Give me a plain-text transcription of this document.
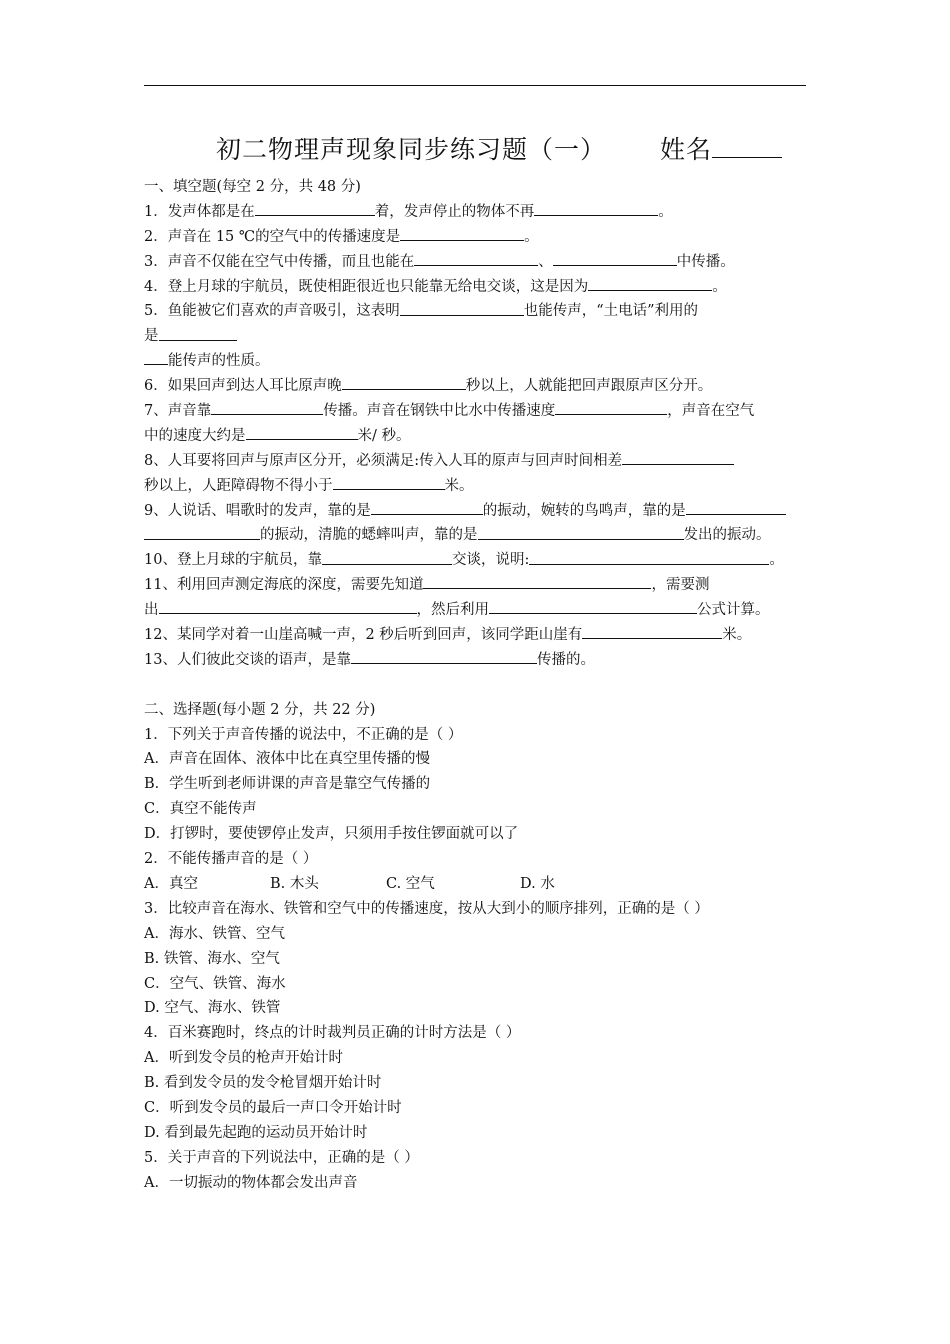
初二物理声现象同步练习题（一） 姓名
一、填空题(每空 2 分，共 48 分)
1．发声体都是在	着，发声停止的物体不再	。
2．声音在 15 ℃的空气中的传播速度是	。
3．声音不仅能在空气中传播，而且也能在	、	中传播。
4．登上月球的宇航员，既使相距很近也只能靠无给电交谈，这是因为	。
5．鱼能被它们喜欢的声音吸引，这表明	也能传声，“土电话”利用的
是
能传声的性质。
6．如果回声到达人耳比原声晚	秒以上，人就能把回声跟原声区分开。
7、声音靠	传播。声音在钢铁中比水中传播速度	，声音在空气
中的速度大约是	米/ 秒。
8、人耳要将回声与原声区分开，必须满足:传入人耳的原声与回声时间相差
秒以上，人距障碍物不得小于	米。
9、人说话、唱歌时的发声，靠的是	的振动，婉转的鸟鸣声，靠的是
的振动，清脆的蟋蟀叫声，靠的是	发出的振动。
10、登上月球的宇航员，靠	交谈，说明:	。
11、利用回声测定海底的深度，需要先知道	，需要测
出	，然后利用	公式计算。
12、某同学对着一山崖高喊一声，2 秒后听到回声，该同学距山崖有	米。
13、人们彼此交谈的语声，是靠	传播的。
二、选择题(每小题 2 分，共 22 分)
1．下列关于声音传播的说法中，不正确的是（ ）
A．声音在固体、液体中比在真空里传播的慢
B．学生听到老师讲课的声音是靠空气传播的
C．真空不能传声
D．打锣时，要使锣停止发声，只须用手按住锣面就可以了
2．不能传播声音的是（ ）
A．真空	B. 木头	C. 空气	D. 水
3．比较声音在海水、铁管和空气中的传播速度，按从大到小的顺序排列，正确的是（ ）
A．海水、铁管、空气
B. 铁管、海水、空气
C．空气、铁管、海水
D. 空气、海水、铁管
4．百米赛跑时，终点的计时裁判员正确的计时方法是（ ）
A．听到发令员的枪声开始计时
B. 看到发令员的发令枪冒烟开始计时
C．听到发令员的最后一声口令开始计时
D. 看到最先起跑的运动员开始计时
5．关于声音的下列说法中，正确的是（ ）
A．一切振动的物体都会发出声音
